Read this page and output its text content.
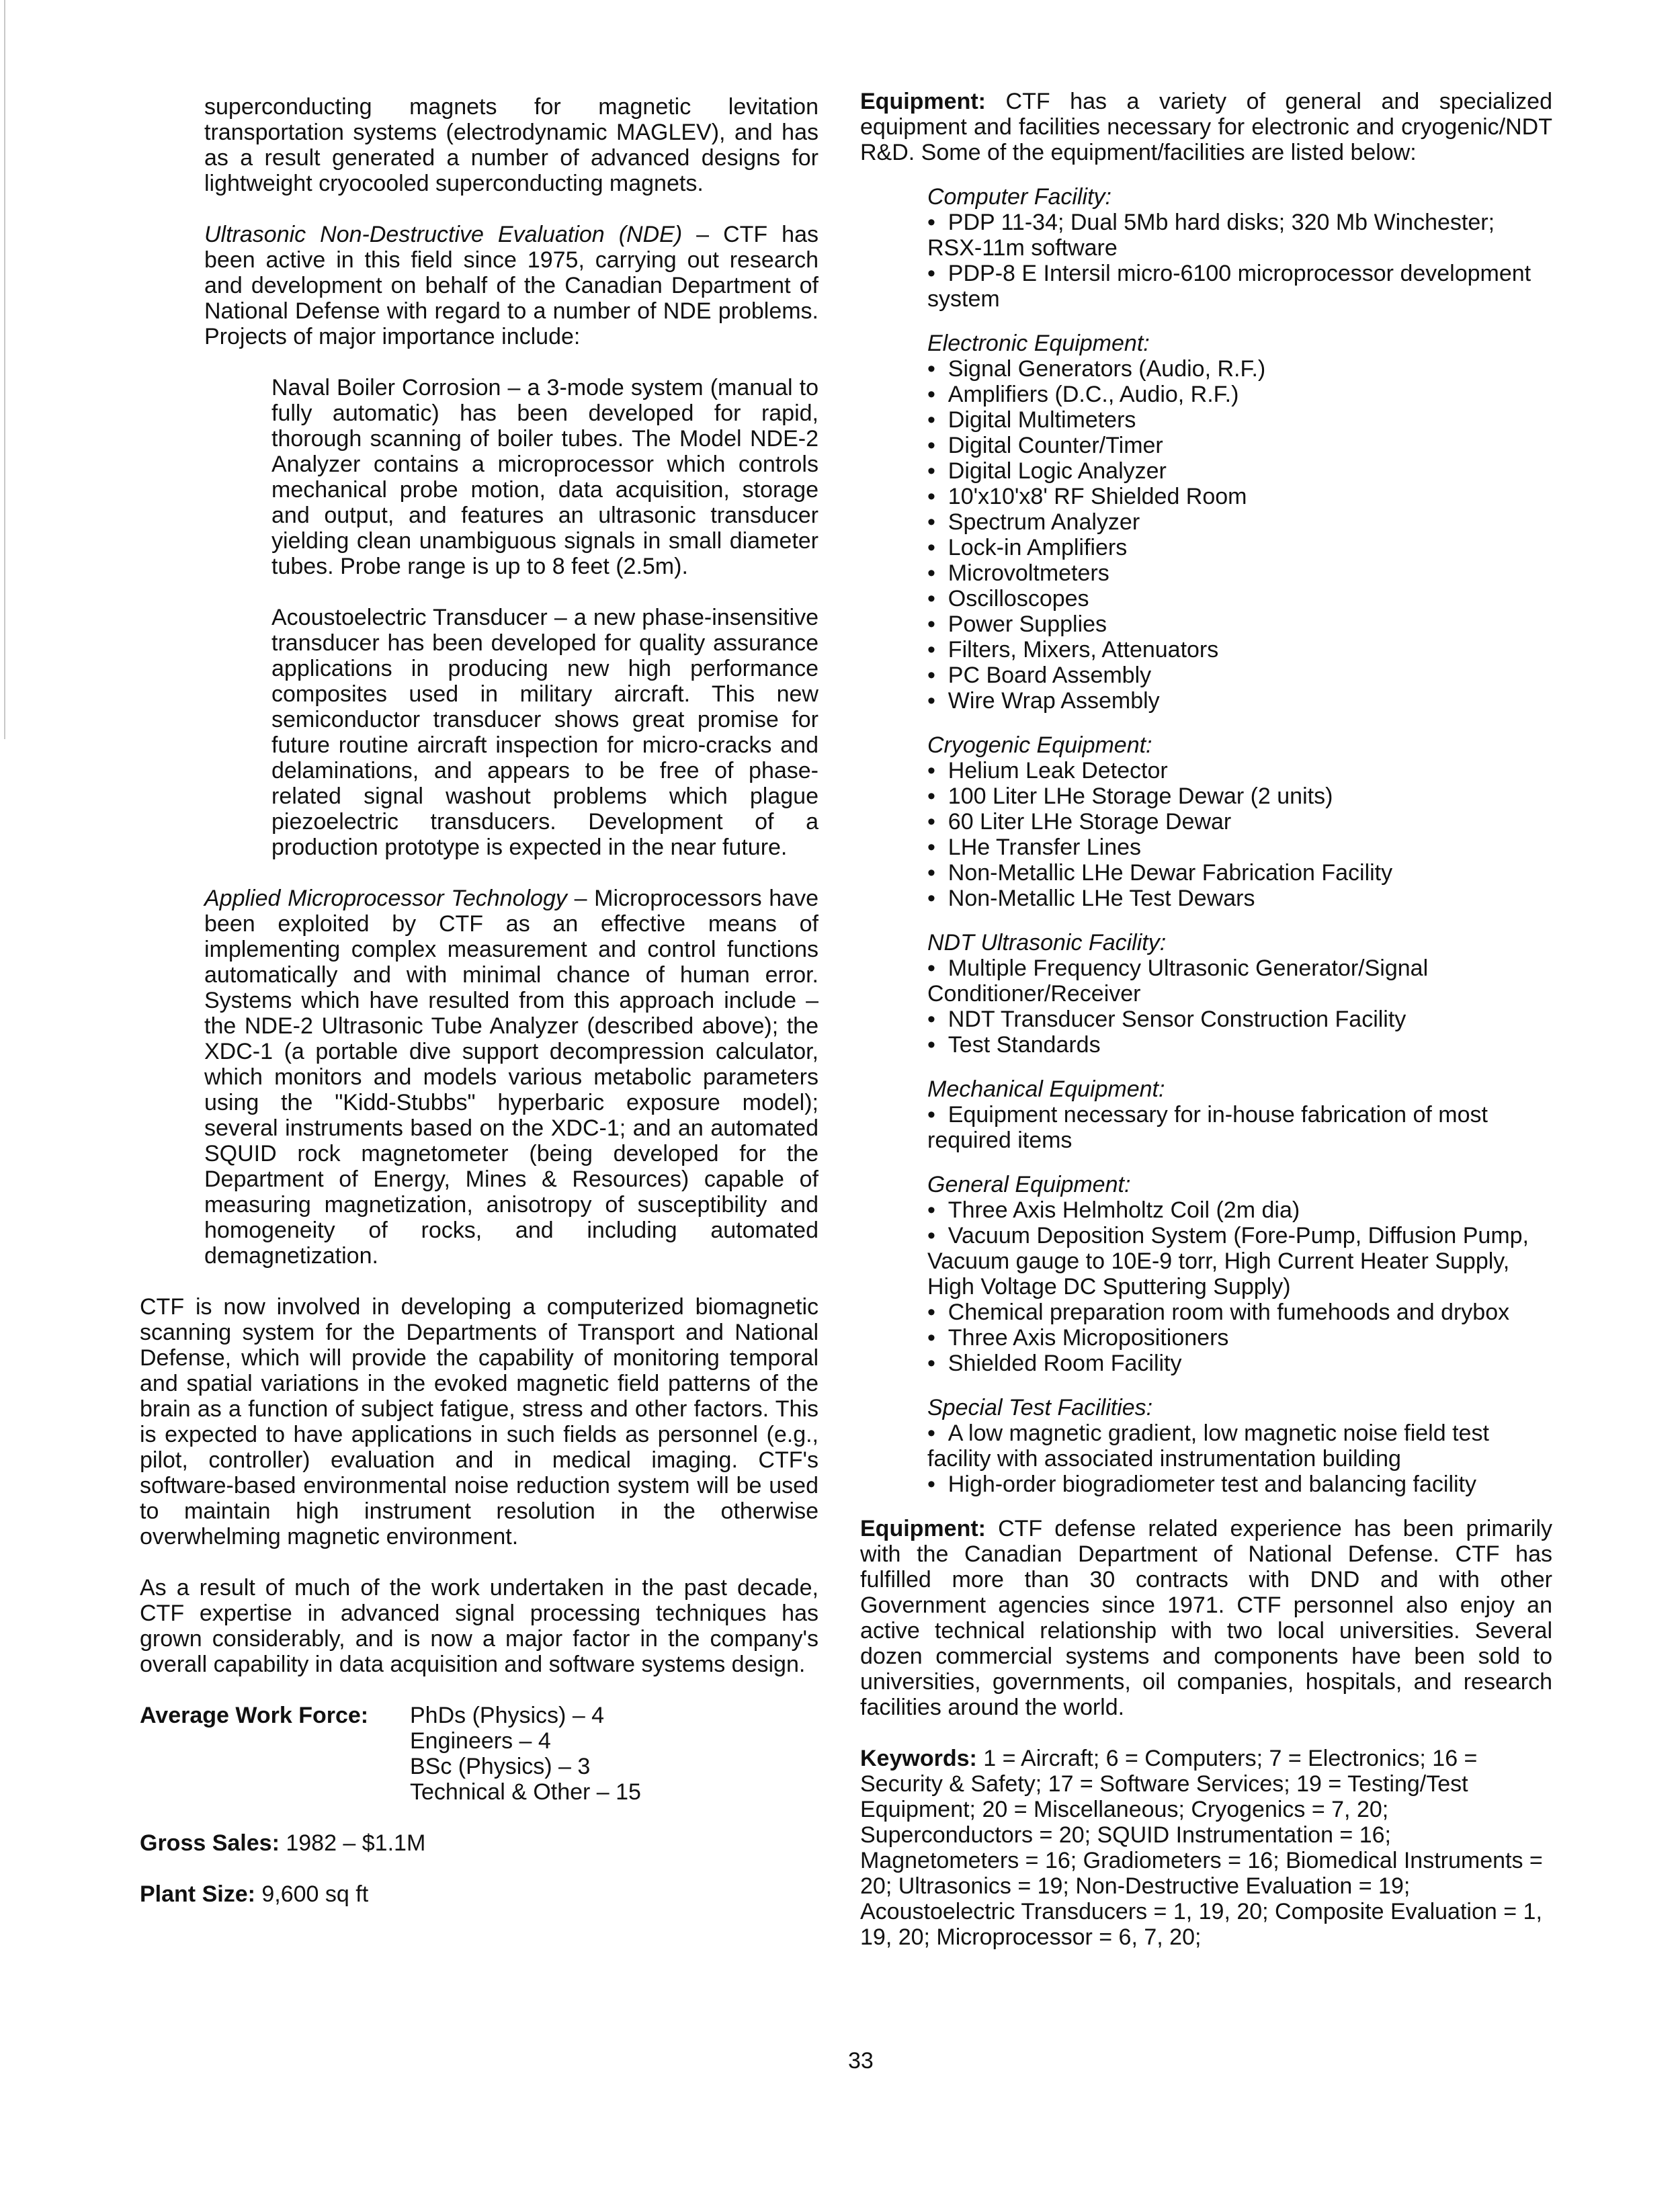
superconducting magnets for magnetic levitation transportation systems (electrodynamic MAGLEV), and has as a result generated a number of advanced designs for lightweight cryocooled superconducting magnets.

Ultrasonic Non-Destructive Evaluation (NDE) – CTF has been active in this field since 1975, carrying out research and development on behalf of the Canadian Department of National Defense with regard to a number of NDE problems. Projects of major importance include:

Naval Boiler Corrosion – a 3-mode system (manual to fully automatic) has been developed for rapid, thorough scanning of boiler tubes. The Model NDE-2 Analyzer contains a microprocessor which controls mechanical probe motion, data acquisition, storage and output, and features an ultrasonic transducer yielding clean unambiguous signals in small diameter tubes. Probe range is up to 8 feet (2.5m).

Acoustoelectric Transducer – a new phase-insensitive transducer has been developed for quality assurance applications in producing new high performance composites used in military aircraft. This new semiconductor transducer shows great promise for future routine aircraft inspection for micro-cracks and delaminations, and appears to be free of phase-related signal washout problems which plague piezoelectric transducers. Development of a production prototype is expected in the near future.

Applied Microprocessor Technology – Microprocessors have been exploited by CTF as an effective means of implementing complex measurement and control functions automatically and with minimal chance of human error. Systems which have resulted from this approach include – the NDE-2 Ultrasonic Tube Analyzer (described above); the XDC-1 (a portable dive support decompression calculator, which monitors and models various metabolic parameters using the "Kidd-Stubbs" hyperbaric exposure model); several instruments based on the XDC-1; and an automated SQUID rock magnetometer (being developed for the Department of Energy, Mines & Resources) capable of measuring magnetization, anisotropy of susceptibility and homogeneity of rocks, and including automated demagnetization.

CTF is now involved in developing a computerized biomagnetic scanning system for the Departments of Transport and National Defense, which will provide the capability of monitoring temporal and spatial variations in the evoked magnetic field patterns of the brain as a function of subject fatigue, stress and other factors. This is expected to have applications in such fields as personnel (e.g., pilot, controller) evaluation and in medical imaging. CTF's software-based environmental noise reduction system will be used to maintain high instrument resolution in the otherwise overwhelming magnetic environment.

As a result of much of the work undertaken in the past decade, CTF expertise in advanced signal processing techniques has grown considerably, and is now a major factor in the company's overall capability in data acquisition and software systems design.

Average Work Force:	PhDs (Physics) – 4
Engineers – 4
BSc (Physics) – 3
Technical & Other – 15

Gross Sales: 1982 – $1.1M

Plant Size: 9,600 sq ft

Equipment: CTF has a variety of general and specialized equipment and facilities necessary for electronic and cryogenic/NDT R&D. Some of the equipment/facilities are listed below:

Computer Facility:
•  PDP 11-34; Dual 5Mb hard disks; 320 Mb Winchester; RSX-11m software
•  PDP-8 E Intersil micro-6100 microprocessor development system
Electronic Equipment:
•  Signal Generators (Audio, R.F.)
•  Amplifiers (D.C., Audio, R.F.)
•  Digital Multimeters
•  Digital Counter/Timer
•  Digital Logic Analyzer
•  10'x10'x8' RF Shielded Room
•  Spectrum Analyzer
•  Lock-in Amplifiers
•  Microvoltmeters
•  Oscilloscopes
•  Power Supplies
•  Filters, Mixers, Attenuators
•  PC Board Assembly
•  Wire Wrap Assembly
Cryogenic Equipment:
•  Helium Leak Detector
•  100 Liter LHe Storage Dewar (2 units)
•  60 Liter LHe Storage Dewar
•  LHe Transfer Lines
•  Non-Metallic LHe Dewar Fabrication Facility
•  Non-Metallic LHe Test Dewars
NDT Ultrasonic Facility:
•  Multiple Frequency Ultrasonic Generator/Signal Conditioner/Receiver
•  NDT Transducer Sensor Construction Facility
•  Test Standards
Mechanical Equipment:
•  Equipment necessary for in-house fabrication of most required items
General Equipment:
•  Three Axis Helmholtz Coil (2m dia)
•  Vacuum Deposition System (Fore-Pump, Diffusion Pump, Vacuum gauge to 10E-9 torr, High Current Heater Supply, High Voltage DC Sputtering Supply)
•  Chemical preparation room with fumehoods and drybox
•  Three Axis Micropositioners
•  Shielded Room Facility
Special Test Facilities:
•  A low magnetic gradient, low magnetic noise field test facility with associated instrumentation building
•  High-order biogradiometer test and balancing facility

Equipment: CTF defense related experience has been primarily with the Canadian Department of National Defense. CTF has fulfilled more than 30 contracts with DND and with other Government agencies since 1971. CTF personnel also enjoy an active technical relationship with two local universities. Several dozen commercial systems and components have been sold to universities, governments, oil companies, hospitals, and research facilities around the world.

Keywords: 1 = Aircraft; 6 = Computers; 7 = Electronics; 16 = Security & Safety; 17 = Software Services; 19 = Testing/Test Equipment; 20 = Miscellaneous; Cryogenics = 7, 20; Superconductors = 20; SQUID Instrumentation = 16; Magnetometers = 16; Gradiometers = 16; Biomedical Instruments = 20; Ultrasonics = 19; Non-Destructive Evaluation = 19; Acoustoelectric Transducers = 1, 19, 20; Composite Evaluation = 1, 19, 20; Microprocessor = 6, 7, 20;

33
